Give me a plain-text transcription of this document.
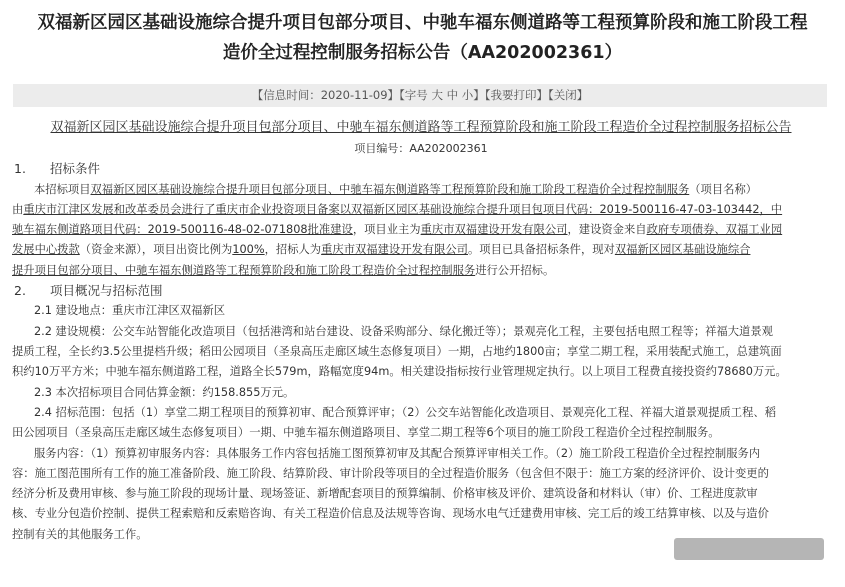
双福新区园区基础设施综合提升项目包部分项目、中驰车福东侧道路等工程预算阶段和施工阶段工程
造价全过程控制服务招标公告（AA202002361）
【信息时间：2020-11-09】【字号 大 中 小】【我要打印】【关闭】
双福新区园区基础设施综合提升项目包部分项目、中驰车福东侧道路等工程预算阶段和施工阶段工程造价全过程控制服务招标公告
项目编号：AA202002361
1. 招标条件
本招标项目双福新区园区基础设施综合提升项目包部分项目、中驰车福东侧道路等工程预算阶段和施工阶段工程造价全过程控制服务（项目名称）
由重庆市江津区发展和改革委员会进行了重庆市企业投资项目备案以双福新区园区基础设施综合提升项目包项目代码：2019-500116-47-03-103442，中
驰车福东侧道路项目代码：2019-500116-48-02-071808批准建设，项目业主为重庆市双福建设开发有限公司，建设资金来自政府专项债券、双福工业园
发展中心拨款（资金来源），项目出资比例为100%，招标人为重庆市双福建设开发有限公司。项目已具备招标条件，现对双福新区园区基础设施综合
提升项目包部分项目、中驰车福东侧道路等工程预算阶段和施工阶段工程造价全过程控制服务进行公开招标。
2. 项目概况与招标范围
2.1 建设地点：重庆市江津区双福新区
2.2 建设规模：公交车站智能化改造项目（包括港湾和站台建设、设备采购部分、绿化搬迁等）；景观亮化工程，主要包括电照工程等；祥福大道景观
提质工程，全长约3.5公里提档升级；稻田公园项目（圣泉高压走廊区域生态修复项目）一期，占地约1800亩；享堂二期工程，采用装配式施工，总建筑面
积约10万平方米；中驰车福东侧道路工程，道路全长579m，路幅宽度94m。相关建设指标按行业管理规定执行。以上项目工程费直接投资约78680万元。
2.3 本次招标项目合同估算金额：约158.855万元。
2.4 招标范围：包括（1）享堂二期工程项目的预算初审、配合预算评审；（2）公交车站智能化改造项目、景观亮化工程、祥福大道景观提质工程、稻
田公园项目（圣泉高压走廊区域生态修复项目）一期、中驰车福东侧道路项目、享堂二期工程等6个项目的施工阶段工程造价全过程控制服务。
服务内容：（1）预算初审服务内容：具体服务工作内容包括施工图预算初审及其配合预算评审相关工作。（2）施工阶段工程造价全过程控制服务内
容：施工图范围所有工作的施工准备阶段、施工阶段、结算阶段、审计阶段等项目的全过程造价服务（包含但不限于：施工方案的经济评价、设计变更的
经济分析及费用审核、参与施工阶段的现场计量、现场签证、新增配套项目的预算编制、价格审核及评价、建筑设备和材料认（审）价、工程进度款审
核、专业分包造价控制、提供工程索赔和反索赔咨询、有关工程造价信息及法规等咨询、现场水电气迁建费用审核、完工后的竣工结算审核、以及与造价
控制有关的其他服务工作。
